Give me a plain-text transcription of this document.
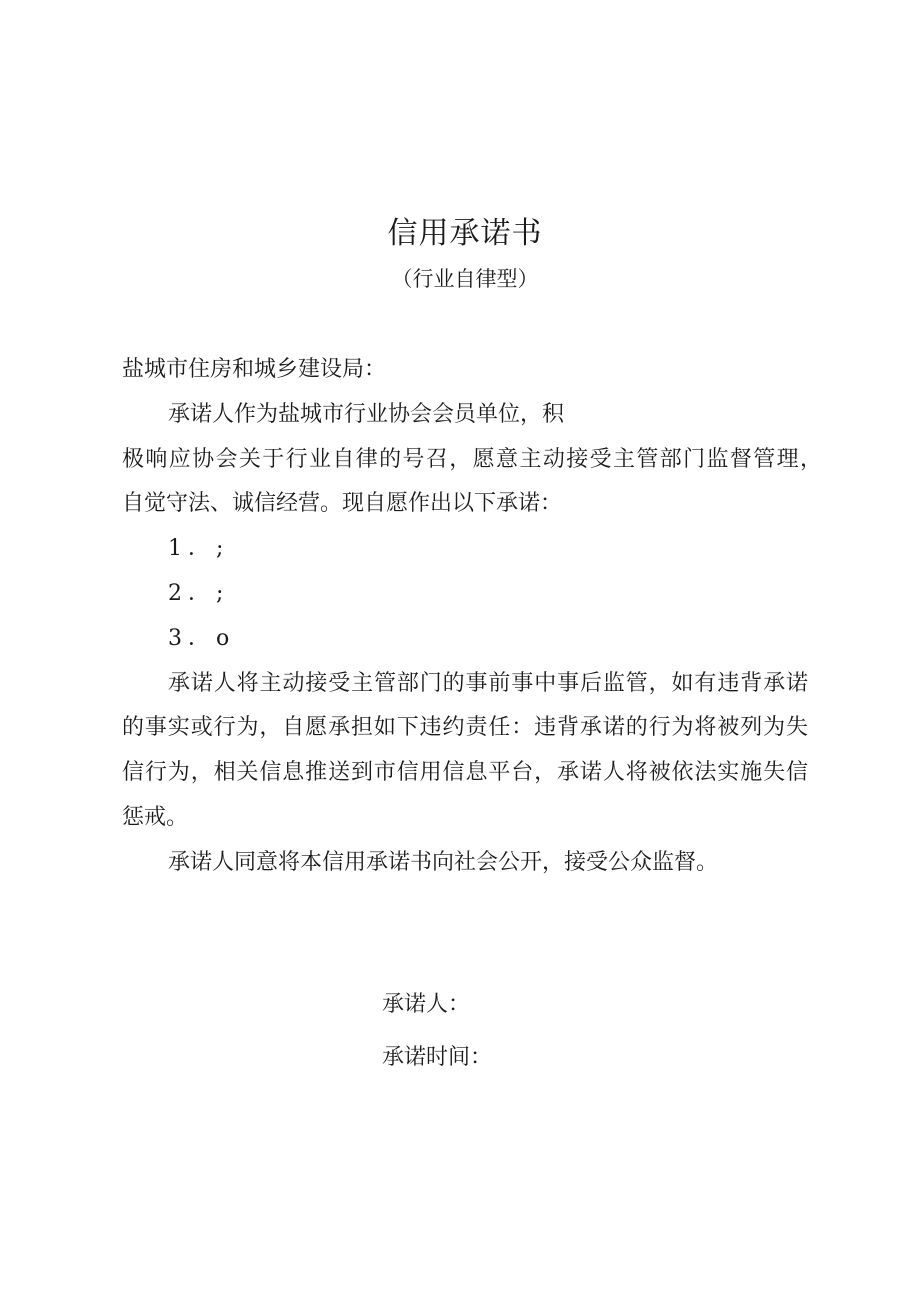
信用承诺书
（行业自律型）
盐城市住房和城乡建设局：
承诺人作为盐城市行业协会会员单位，积
极响应协会关于行业自律的号召，愿意主动接受主管部门监督管理，
自觉守法、诚信经营。现自愿作出以下承诺：
1．;
2．;
3．o
承诺人将主动接受主管部门的事前事中事后监管，如有违背承诺
的事实或行为，自愿承担如下违约责任：违背承诺的行为将被列为失
信行为，相关信息推送到市信用信息平台，承诺人将被依法实施失信
惩戒。
承诺人同意将本信用承诺书向社会公开，接受公众监督。
承诺人：
承诺时间：
